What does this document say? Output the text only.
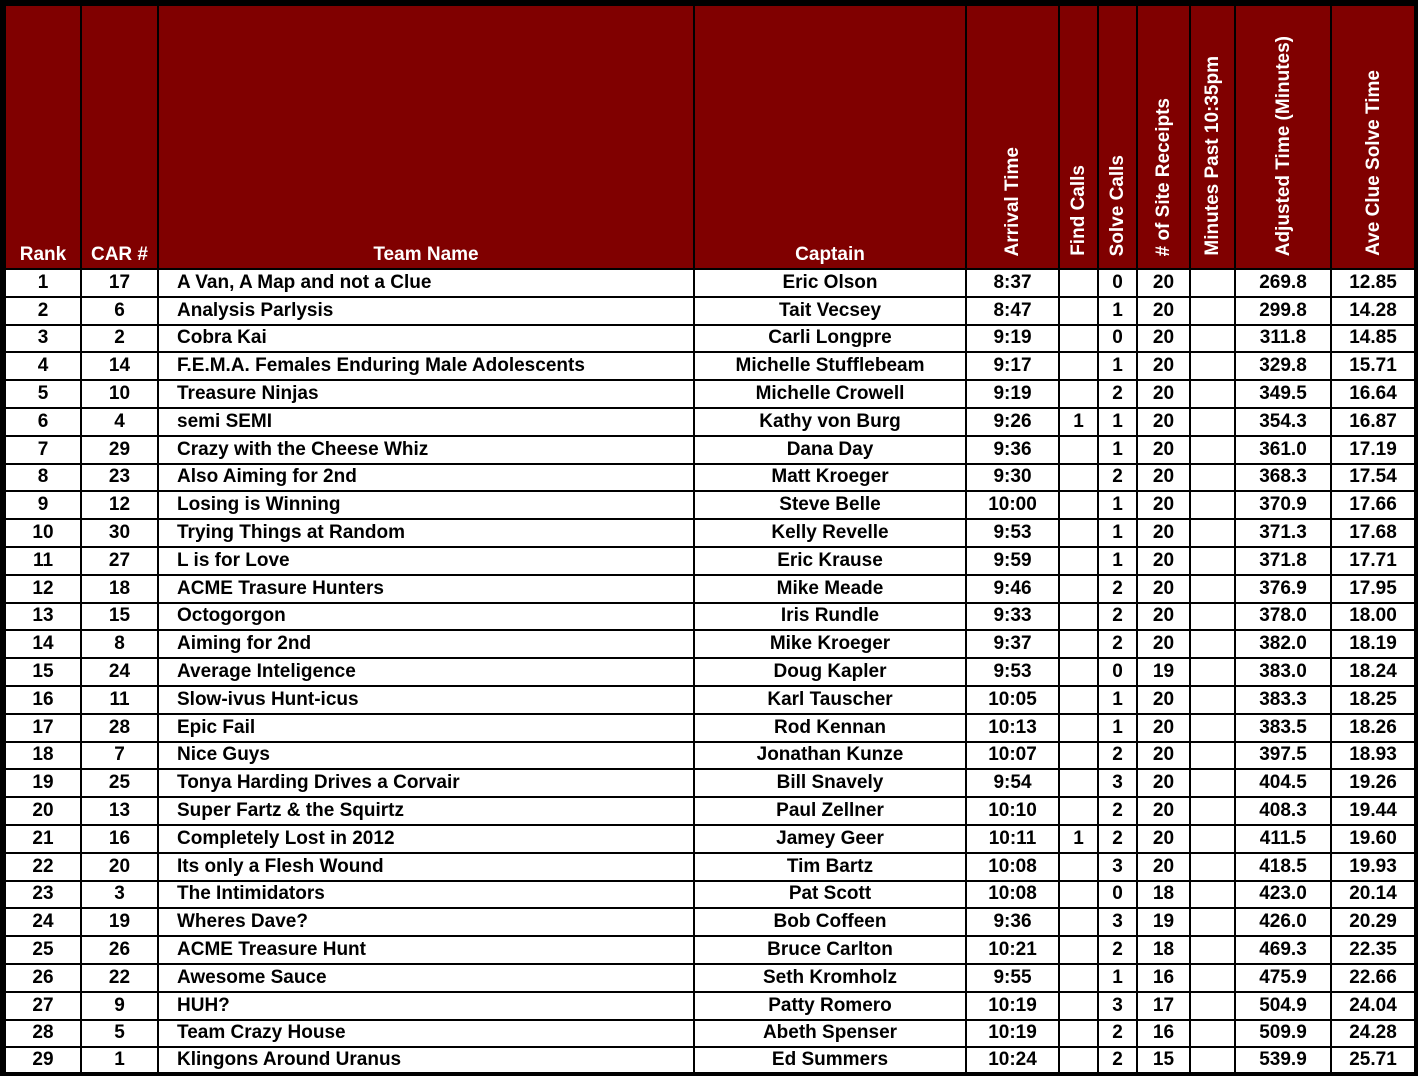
Rank	CAR #	Team Name	Captain	Arrival Time	Find Calls	Solve Calls	# of Site Receipts	Minutes Past 10:35pm	Adjusted Time (Minutes)	Ave Clue Solve Time
1	17	A Van, A Map and not a Clue	Eric Olson	8:37		0	20		269.8	12.85
2	6	Analysis Parlysis	Tait Vecsey	8:47		1	20		299.8	14.28
3	2	Cobra Kai	Carli Longpre	9:19		0	20		311.8	14.85
4	14	F.E.M.A. Females Enduring Male Adolescents	Michelle Stufflebeam	9:17		1	20		329.8	15.71
5	10	Treasure Ninjas	Michelle Crowell	9:19		2	20		349.5	16.64
6	4	semi SEMI	Kathy von Burg	9:26	1	1	20		354.3	16.87
7	29	Crazy with the Cheese Whiz	Dana Day	9:36		1	20		361.0	17.19
8	23	Also Aiming for 2nd	Matt Kroeger	9:30		2	20		368.3	17.54
9	12	Losing is Winning	Steve Belle	10:00		1	20		370.9	17.66
10	30	Trying Things at Random	Kelly Revelle	9:53		1	20		371.3	17.68
11	27	L is for Love	Eric Krause	9:59		1	20		371.8	17.71
12	18	ACME Trasure Hunters	Mike Meade	9:46		2	20		376.9	17.95
13	15	Octogorgon	Iris Rundle	9:33		2	20		378.0	18.00
14	8	Aiming for 2nd	Mike Kroeger	9:37		2	20		382.0	18.19
15	24	Average Inteligence	Doug Kapler	9:53		0	19		383.0	18.24
16	11	Slow-ivus Hunt-icus	Karl Tauscher	10:05		1	20		383.3	18.25
17	28	Epic Fail	Rod Kennan	10:13		1	20		383.5	18.26
18	7	Nice Guys	Jonathan Kunze	10:07		2	20		397.5	18.93
19	25	Tonya Harding Drives a Corvair	Bill Snavely	9:54		3	20		404.5	19.26
20	13	Super Fartz & the Squirtz	Paul Zellner	10:10		2	20		408.3	19.44
21	16	Completely Lost in 2012	Jamey Geer	10:11	1	2	20		411.5	19.60
22	20	Its only a Flesh Wound	Tim Bartz	10:08		3	20		418.5	19.93
23	3	The Intimidators	Pat Scott	10:08		0	18		423.0	20.14
24	19	Wheres Dave?	Bob Coffeen	9:36		3	19		426.0	20.29
25	26	ACME Treasure Hunt	Bruce Carlton	10:21		2	18		469.3	22.35
26	22	Awesome Sauce	Seth Kromholz	9:55		1	16		475.9	22.66
27	9	HUH?	Patty Romero	10:19		3	17		504.9	24.04
28	5	Team Crazy House	Abeth Spenser	10:19		2	16		509.9	24.28
29	1	Klingons Around Uranus	Ed Summers	10:24		2	15		539.9	25.71
